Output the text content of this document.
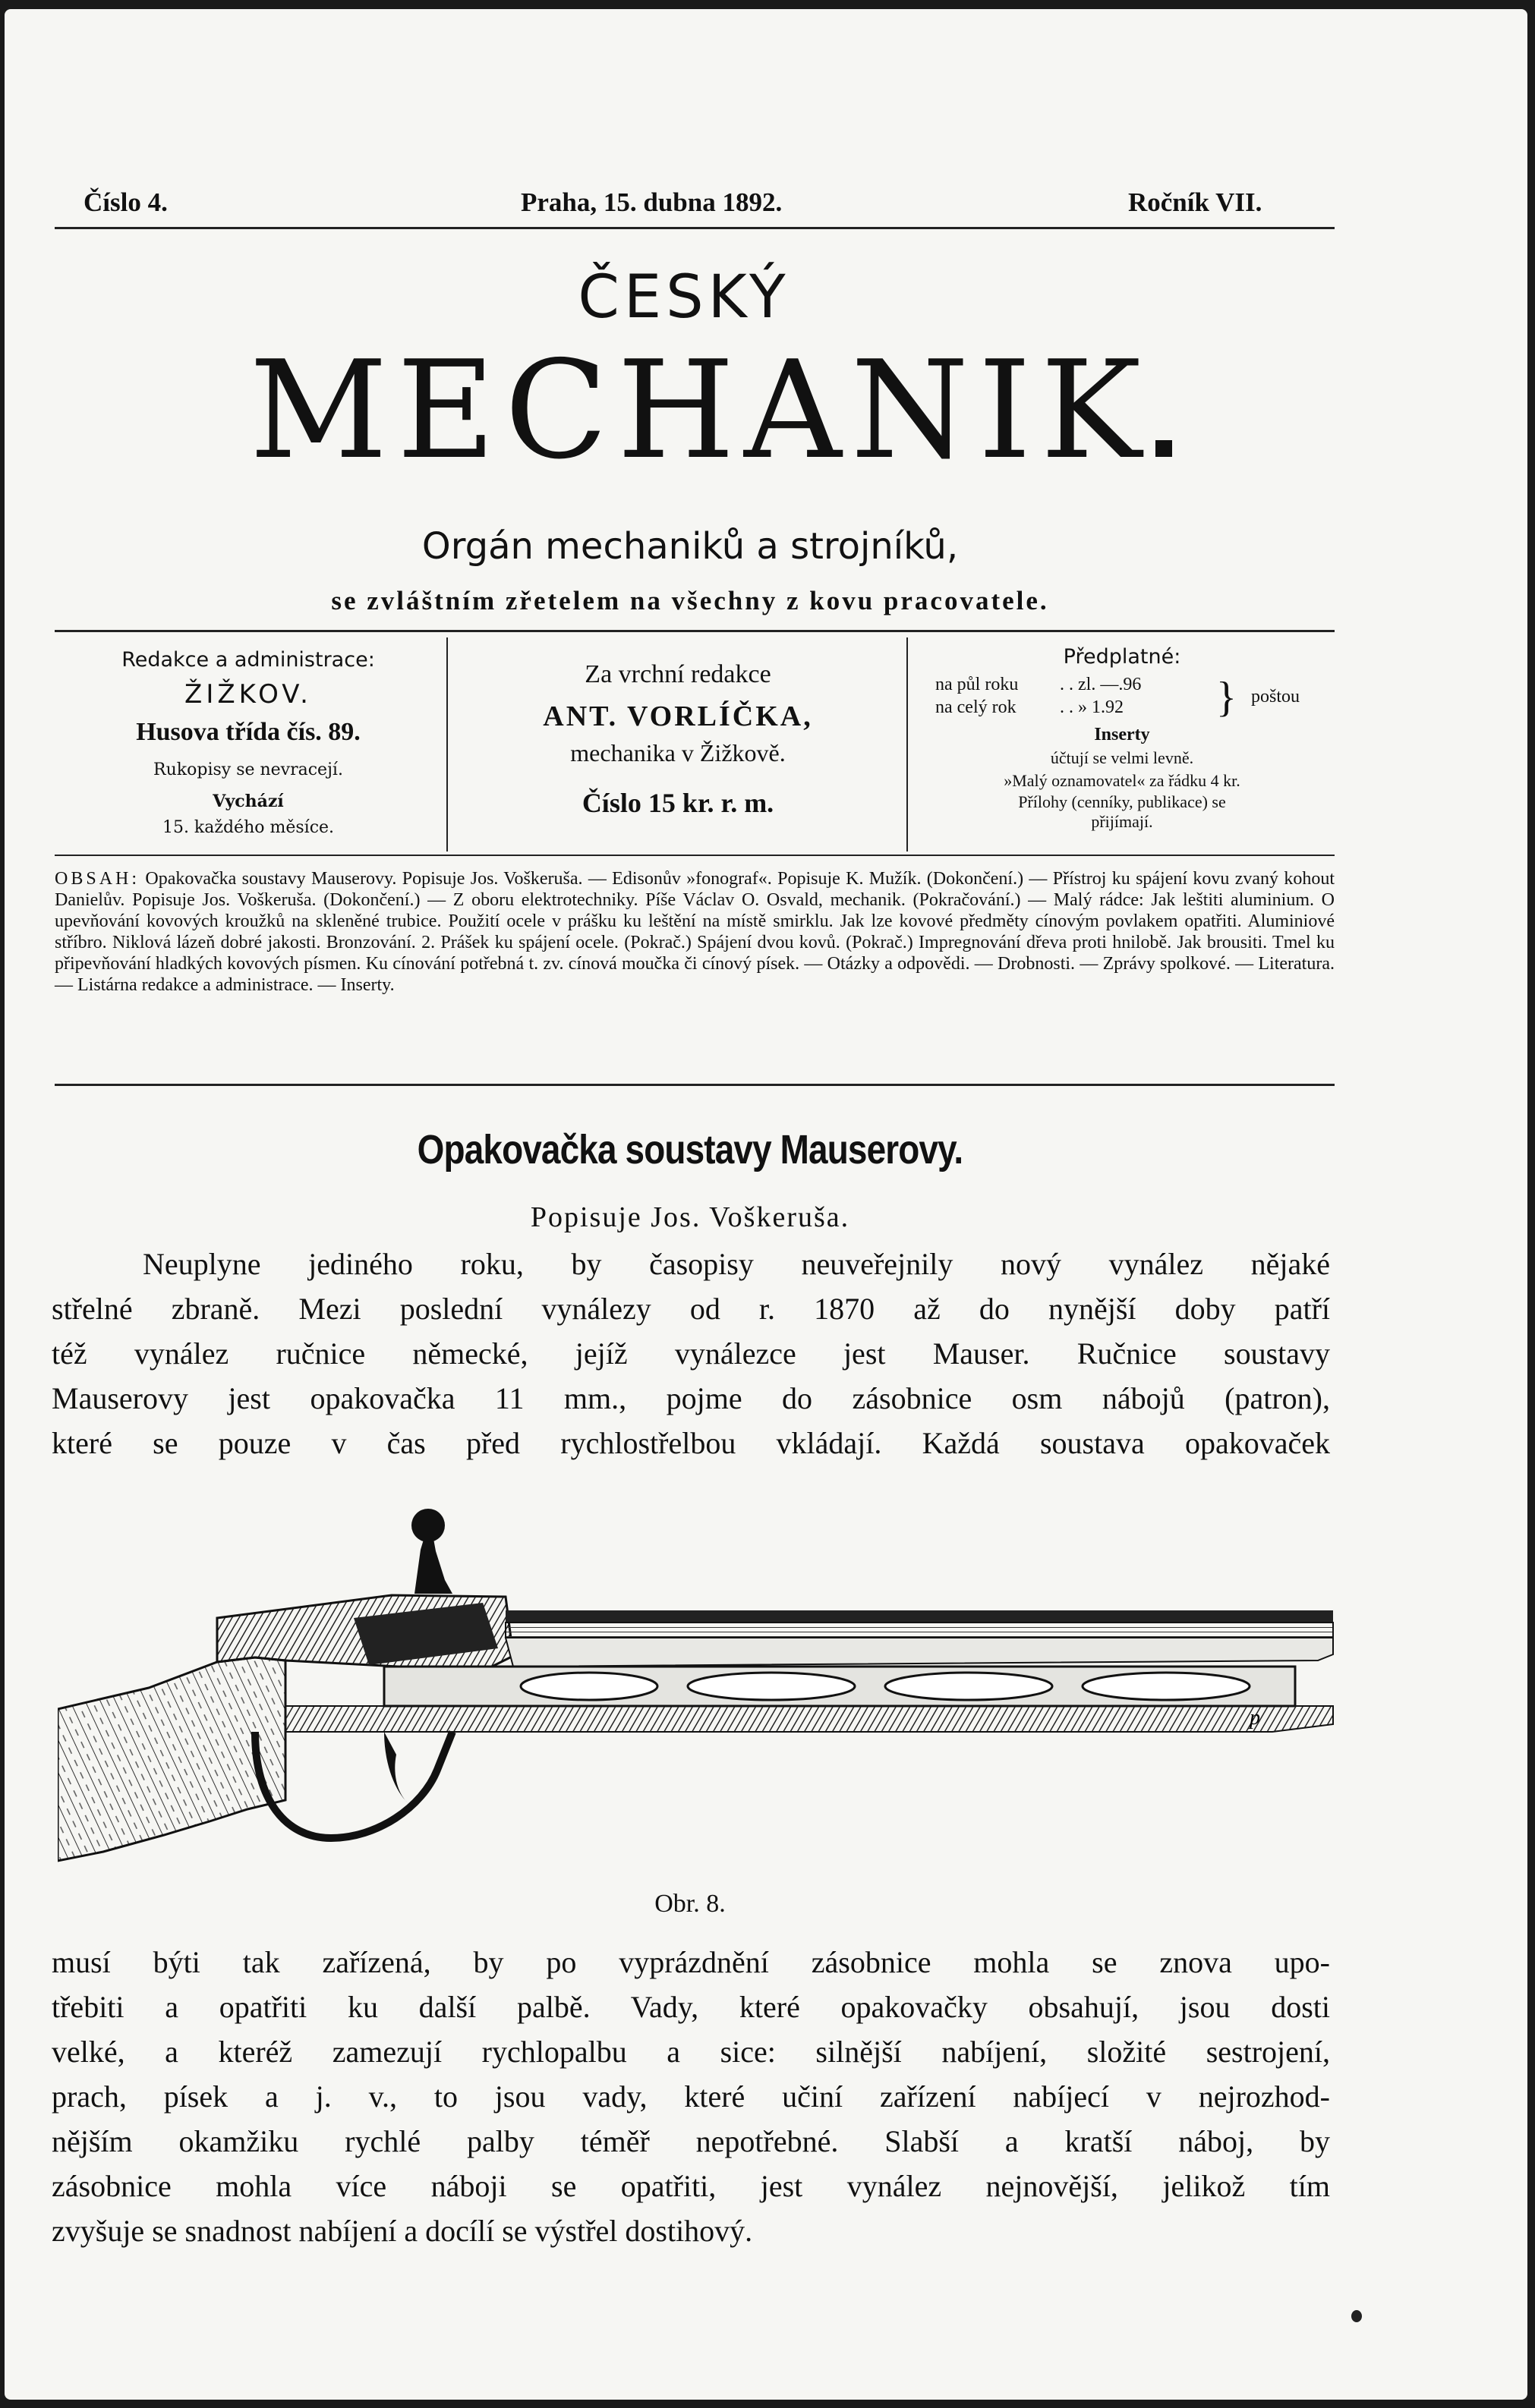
Číslo 4.	Praha, 15. dubna 1892.	Ročník VII.
ČESKÝ
MECHANIK
Orgán mechaniků a strojníků,
se zvláštním zřetelem na všechny z kovu pracovatele.
Redakce a administrace:
ŽIŽKOV.
Husova třída čís. 89.
Rukopisy se nevracejí.
Vychází
15. každého měsíce.
Za vrchní redakce
ANT. VORLÍČKA,
mechanika v Žižkově.
Číslo 15 kr. r. m.
Předplatné:
na půl roku . . zl. —.96
na celý rok . . » 1.92 } poštou
Inserty
účtují se velmi levně.
»Malý oznamovatel« za řádku 4 kr.
Přílohy (cenníky, publikace) se
přijímají.
OBSAH: Opakovačka soustavy Mauserovy. Popisuje Jos. Voškeruša. — Edisonův »fonograf«. Popisuje K. Mužík. (Dokončení.) — Přístroj ku spájení kovu zvaný kohout Danielův. Popisuje Jos. Voškeruša. (Dokončení.) — Z oboru elektrotechniky. Píše Václav O. Osvald, mechanik. (Pokračování.) — Malý rádce: Jak leštiti aluminium. O upevňování kovových kroužků na skleněné trubice. Použití ocele v prášku ku leštění na místě smirklu. Jak lze kovové předměty cínovým povlakem opatřiti. Aluminiové stříbro. Niklová lázeň dobré jakosti. Bronzování. 2. Prášek ku spájení ocele. (Pokrač.) Spájení dvou kovů. (Pokrač.) Impregnování dřeva proti hnilobě. Jak brousiti. Tmel ku připevňování hladkých kovových písmen. Ku cínování potřebná t. zv. cínová moučka či cínový písek. — Otázky a odpovědi. — Drobnosti. — Zprávy spolkové. — Literatura. — Listárna redakce a administrace. — Inserty.
Opakovačka soustavy Mauserovy.
Popisuje Jos. Voškeruša.
Neuplyne jediného roku, by časopisy neuveřejnily nový vynález nějaké
střelné zbraně. Mezi poslední vynálezy od r. 1870 až do nynější doby patří
též vynález ručnice německé, jejíž vynálezce jest Mauser. Ručnice soustavy
Mauserovy jest opakovačka 11 mm., pojme do zásobnice osm nábojů (patron),
které se pouze v čas před rychlostřelbou vkládají. Každá soustava opakovaček
p
Obr. 8.
musí býti tak zařízená, by po vyprázdnění zásobnice mohla se znova upo-
třebiti a opatřiti ku další palbě. Vady, které opakovačky obsahují, jsou dosti
velké, a kteréž zamezují rychlopalbu a sice: silnější nabíjení, složité sestrojení,
prach, písek a j. v., to jsou vady, které učiní zařízení nabíjecí v nejrozhod-
nějším okamžiku rychlé palby téměř nepotřebné. Slabší a kratší náboj, by
zásobnice mohla více náboji se opatřiti, jest vynález nejnovější, jelikož tím
zvyšuje se snadnost nabíjení a docílí se výstřel dostihový.
